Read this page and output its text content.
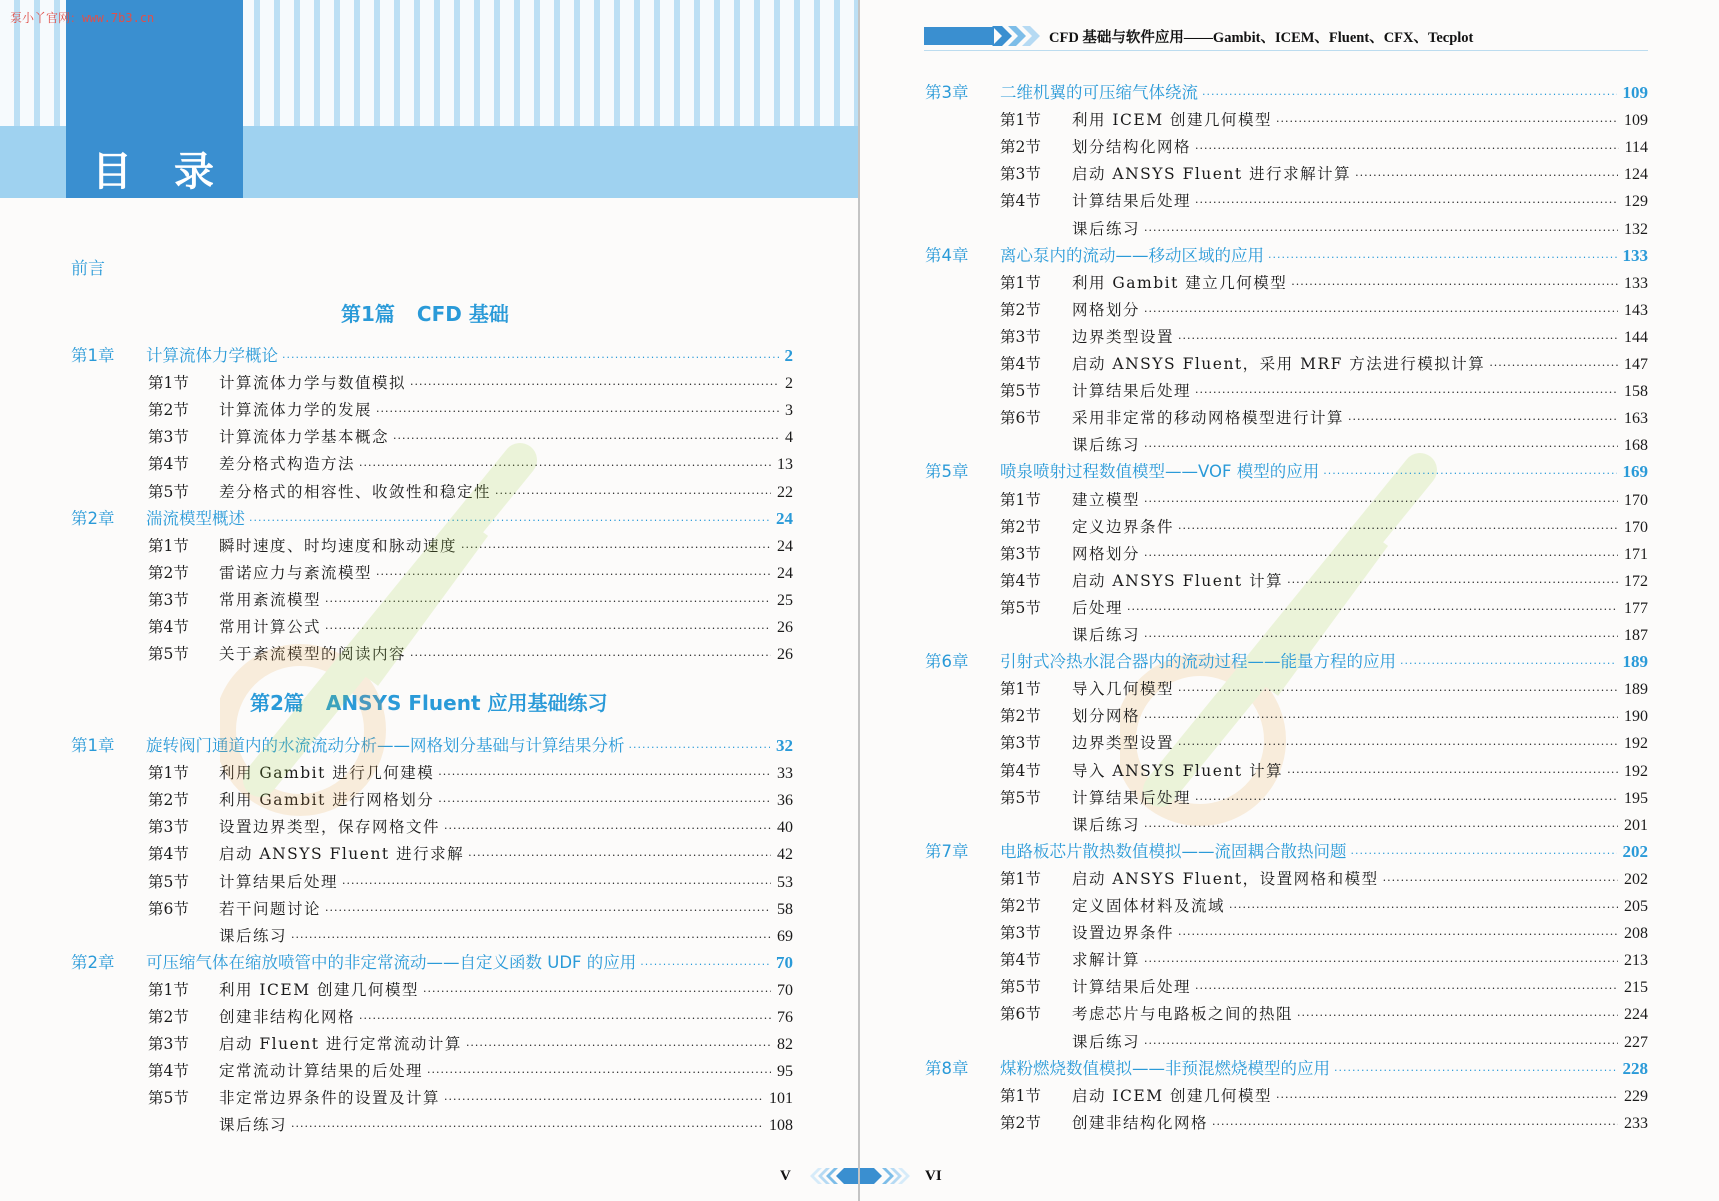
目录
泵小丫官网：www.7b3.cn
前言
第1篇 CFD 基础
第2篇 ANSYS Fluent 应用基础练习
第1章	计算流体力学概论 ·····	2
第1节	计算流体力学与数值模拟 ·····	2
第2节	计算流体力学的发展 ·····	3
第3节	计算流体力学基本概念 ·····	4
第4节	差分格式构造方法 ·····	13
第5节	差分格式的相容性、收敛性和稳定性 ·····	22
第2章	湍流模型概述 ·····	24
第1节	瞬时速度、时均速度和脉动速度 ·····	24
第2节	雷诺应力与紊流模型 ·····	24
第3节	常用紊流模型 ·····	25
第4节	常用计算公式 ·····	26
第5节	关于紊流模型的阅读内容 ·····	26
第1章	旋转阀门通道内的水流流动分析——网格划分基础与计算结果分析 ·····	32
第1节	利用 Gambit 进行几何建模 ·····	33
第2节	利用 Gambit 进行网格划分 ·····	36
第3节	设置边界类型，保存网格文件 ·····	40
第4节	启动 ANSYS Fluent 进行求解 ·····	42
第5节	计算结果后处理 ·····	53
第6节	若干问题讨论 ·····	58
课后练习 ·····	69
第2章	可压缩气体在缩放喷管中的非定常流动——自定义函数 UDF 的应用 ·····	70
第1节	利用 ICEM 创建几何模型 ·····	70
第2节	创建非结构化网格 ·····	76
第3节	启动 Fluent 进行定常流动计算 ·····	82
第4节	定常流动计算结果的后处理 ·····	95
第5节	非定常边界条件的设置及计算 ·····	101
课后练习 ·····	108
CFD 基础与软件应用——Gambit、ICEM、Fluent、CFX、Tecplot
第3章	二维机翼的可压缩气体绕流 ·····	109
第1节	利用 ICEM 创建几何模型 ·····	109
第2节	划分结构化网格 ·····	114
第3节	启动 ANSYS Fluent 进行求解计算 ·····	124
第4节	计算结果后处理 ·····	129
课后练习 ·····	132
第4章	离心泵内的流动——移动区域的应用 ·····	133
第1节	利用 Gambit 建立几何模型 ·····	133
第2节	网格划分 ·····	143
第3节	边界类型设置 ·····	144
第4节	启动 ANSYS Fluent，采用 MRF 方法进行模拟计算 ·····	147
第5节	计算结果后处理 ·····	158
第6节	采用非定常的移动网格模型进行计算 ·····	163
课后练习 ·····	168
第5章	喷泉喷射过程数值模型——VOF 模型的应用 ·····	169
第1节	建立模型 ·····	170
第2节	定义边界条件 ·····	170
第3节	网格划分 ·····	171
第4节	启动 ANSYS Fluent 计算 ·····	172
第5节	后处理 ·····	177
课后练习 ·····	187
第6章	引射式冷热水混合器内的流动过程——能量方程的应用 ·····	189
第1节	导入几何模型 ·····	189
第2节	划分网格 ·····	190
第3节	边界类型设置 ·····	192
第4节	导入 ANSYS Fluent 计算 ·····	192
第5节	计算结果后处理 ·····	195
课后练习 ·····	201
第7章	电路板芯片散热数值模拟——流固耦合散热问题 ·····	202
第1节	启动 ANSYS Fluent，设置网格和模型 ·····	202
第2节	定义固体材料及流域 ·····	205
第3节	设置边界条件 ·····	208
第4节	求解计算 ·····	213
第5节	计算结果后处理 ·····	215
第6节	考虑芯片与电路板之间的热阻 ·····	224
课后练习 ·····	227
第8章	煤粉燃烧数值模拟——非预混燃烧模型的应用 ·····	228
第1节	启动 ICEM 创建几何模型 ·····	229
第2节	创建非结构化网格 ·····	233
V	VI
